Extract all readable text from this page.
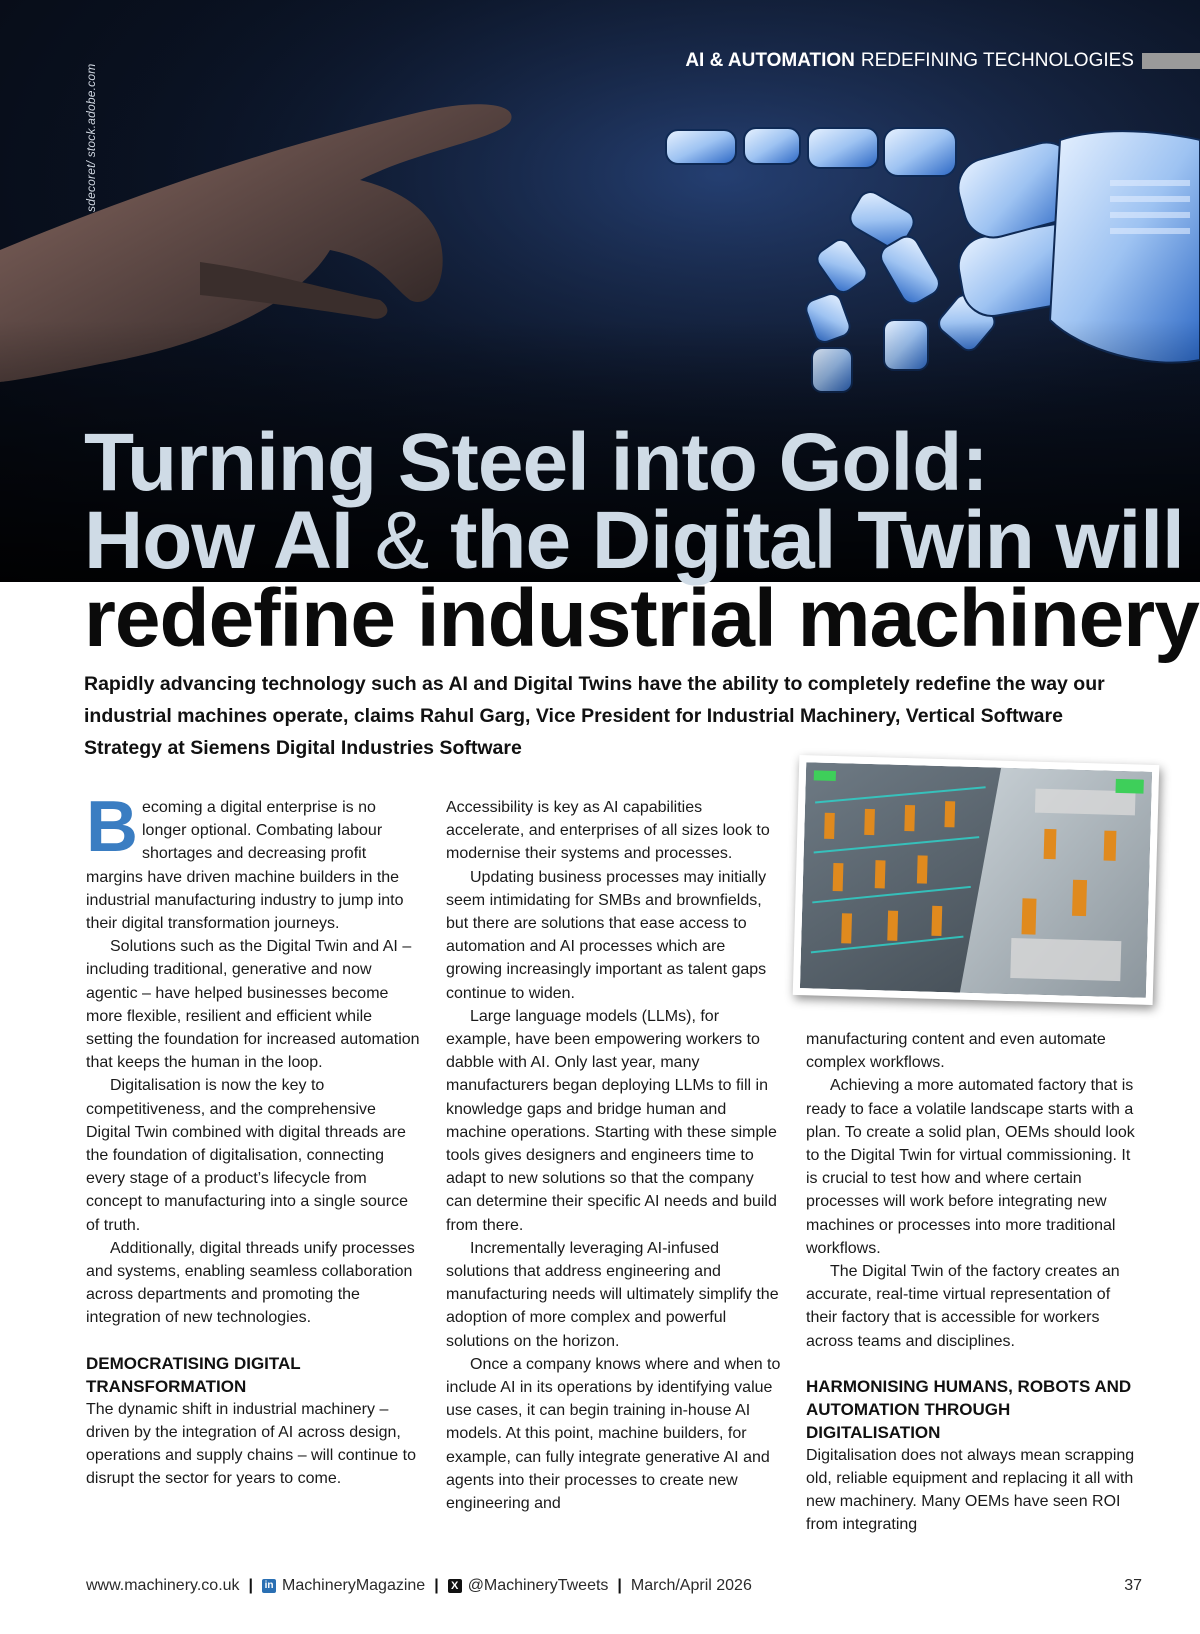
sdecoret/ stock.adobe.com
AI & AUTOMATION REDEFINING TECHNOLOGIES
Turning Steel into Gold:
How AI & the Digital Twin will
redefine industrial machinery
Rapidly advancing technology such as AI and Digital Twins have the ability to completely redefine the way our industrial machines operate, claims Rahul Garg, Vice President for Industrial Machinery, Vertical Software Strategy at Siemens Digital Industries Software

Becoming a digital enterprise is no longer optional. Combating labour shortages and decreasing profit margins have driven machine builders in the industrial manufacturing industry to jump into their digital transformation journeys.

Solutions such as the Digital Twin and AI – including traditional, generative and now agentic – have helped businesses become more flexible, resilient and efficient while setting the foundation for increased automation that keeps the human in the loop.

Digitalisation is now the key to competitiveness, and the comprehensive Digital Twin combined with digital threads are the foundation of digitalisation, connecting every stage of a product’s lifecycle from concept to manufacturing into a single source of truth.

Additionally, digital threads unify processes and systems, enabling seamless collaboration across departments and promoting the integration of new technologies.

DEMOCRATISING DIGITAL TRANSFORMATION

The dynamic shift in industrial machinery – driven by the integration of AI across design, operations and supply chains – will continue to disrupt the sector for years to come.

Accessibility is key as AI capabilities accelerate, and enterprises of all sizes look to modernise their systems and processes.

Updating business processes may initially seem intimidating for SMBs and brownfields, but there are solutions that ease access to automation and AI processes which are growing increasingly important as talent gaps continue to widen.

Large language models (LLMs), for example, have been empowering workers to dabble with AI. Only last year, many manufacturers began deploying LLMs to fill in knowledge gaps and bridge human and machine operations. Starting with these simple tools gives designers and engineers time to adapt to new solutions so that the company can determine their specific AI needs and build from there.

Incrementally leveraging AI-infused solutions that address engineering and manufacturing needs will ultimately simplify the adoption of more complex and powerful solutions on the horizon.

Once a company knows where and when to include AI in its operations by identifying value use cases, it can begin training in-house AI models. At this point, machine builders, for example, can fully integrate generative AI and agents into their processes to create new engineering and

manufacturing content and even automate complex workflows.

Achieving a more automated factory that is ready to face a volatile landscape starts with a plan. To create a solid plan, OEMs should look to the Digital Twin for virtual commissioning. It is crucial to test how and where certain processes will work before integrating new machines or processes into more traditional workflows.

The Digital Twin of the factory creates an accurate, real-time virtual representation of their factory that is accessible for workers across teams and disciplines.

HARMONISING HUMANS, ROBOTS AND AUTOMATION THROUGH DIGITALISATION

Digitalisation does not always mean scrapping old, reliable equipment and replacing it all with new machinery. Many OEMs have seen ROI from integrating

www.machinery.co.uk | in MachineryMagazine |	X @MachineryTweets | March/April 2026	37
